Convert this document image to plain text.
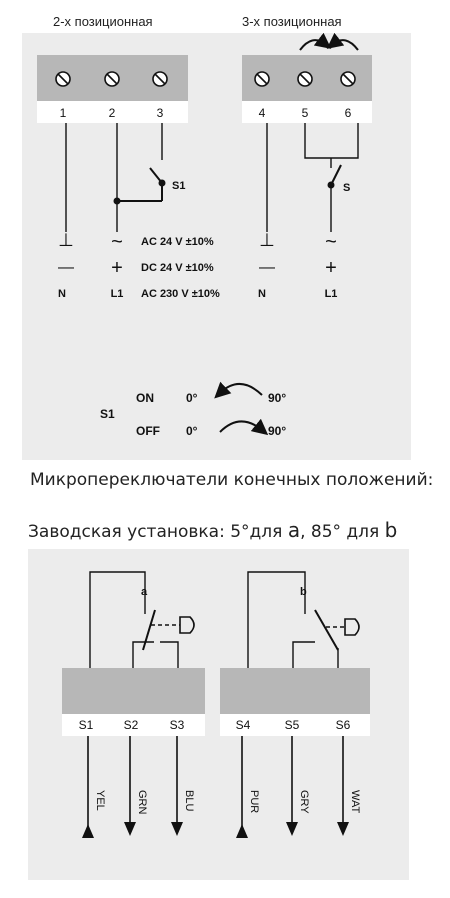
1	2	3	4	5	6
S1	S
⊥ ~	⊥	~
— +	—	+
AC 24 V ±10%
DC 24 V ±10%
AC 230 V ±10%
N	L1	N	L1
S1
ON
OFF
0°
0°
90°
90°
a
S1	S2	S3
b
S4	S5	S6
YEL	GRN	BLU	PUR	GRY	WAT
2-х позиционная	3-х позиционная
Микропереключатели конечных положений:
Заводская установка: 5°для a, 85° для b
